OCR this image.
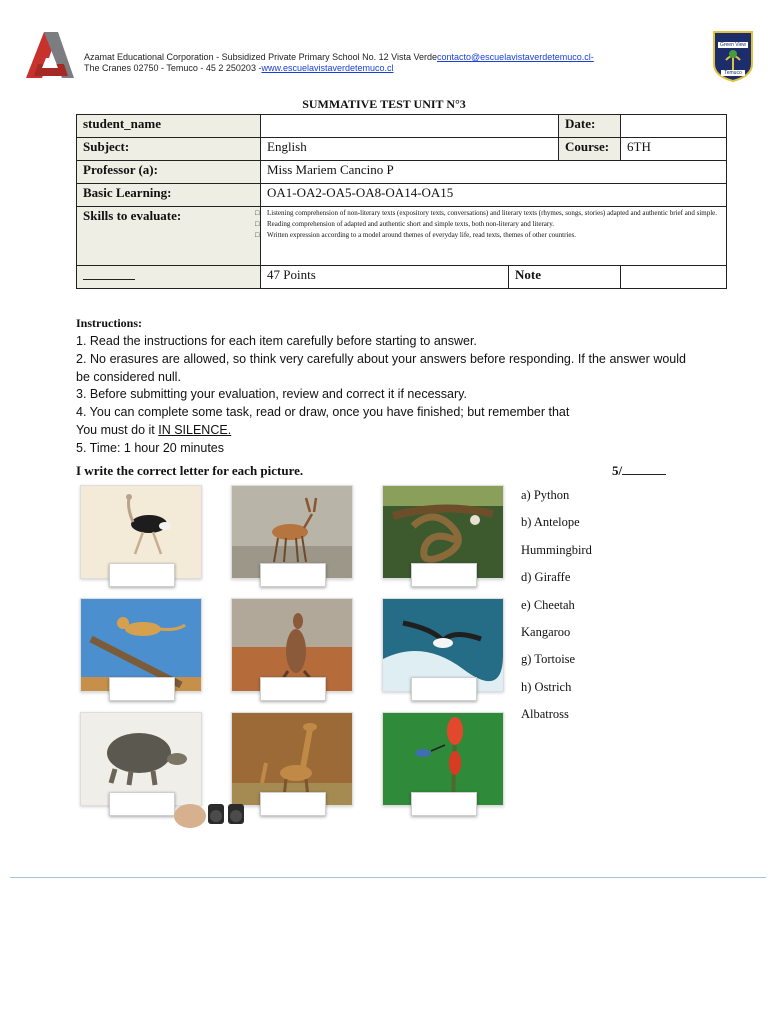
Azamat Educational Corporation - Subsidized Private Primary School No. 12 Vista Verdecontacto@escuelavistaverdetemuco.cl-
The Cranes 02750 - Temuco - 45 2 250203 -www.escuelavistaverdetemuco.cl
Green View
Temuco
SUMMATIVE TEST UNIT N°3
student_name			Date:	
Subject:	English		Course:	6TH
Professor (a):	Miss Mariem Cancino P			
Basic Learning:	OA1-OA2-OA5-OA8-OA14-OA15			
Skills to evaluate:	□ Listening comprehension of non-literary texts (expository texts, conversations) and literary texts (rhymes, songs, stories) adapted and authentic brief and simple.
□ Reading comprehension of adapted and authentic short and simple texts, both non-literary and literary.
□ Written expression according to a model around themes of everyday life, read texts, themes of other countries.

	47 Points	Note		
Instructions:

1. Read the instructions for each item carefully before starting to answer.

2. No erasures are allowed, so think very carefully about your answers before responding. If the answer would be considered null.

3. Before submitting your evaluation, review and correct it if necessary.

4. You can complete some task, read or draw, once you have finished; but remember that

You must do it IN SILENCE.

5. Time: 1 hour 20 minutes

I write the correct letter for each picture.	5/
a) Python
b) Antelope
Hummingbird
d) Giraffe
e) Cheetah
Kangaroo
g) Tortoise
h) Ostrich
Albatross
